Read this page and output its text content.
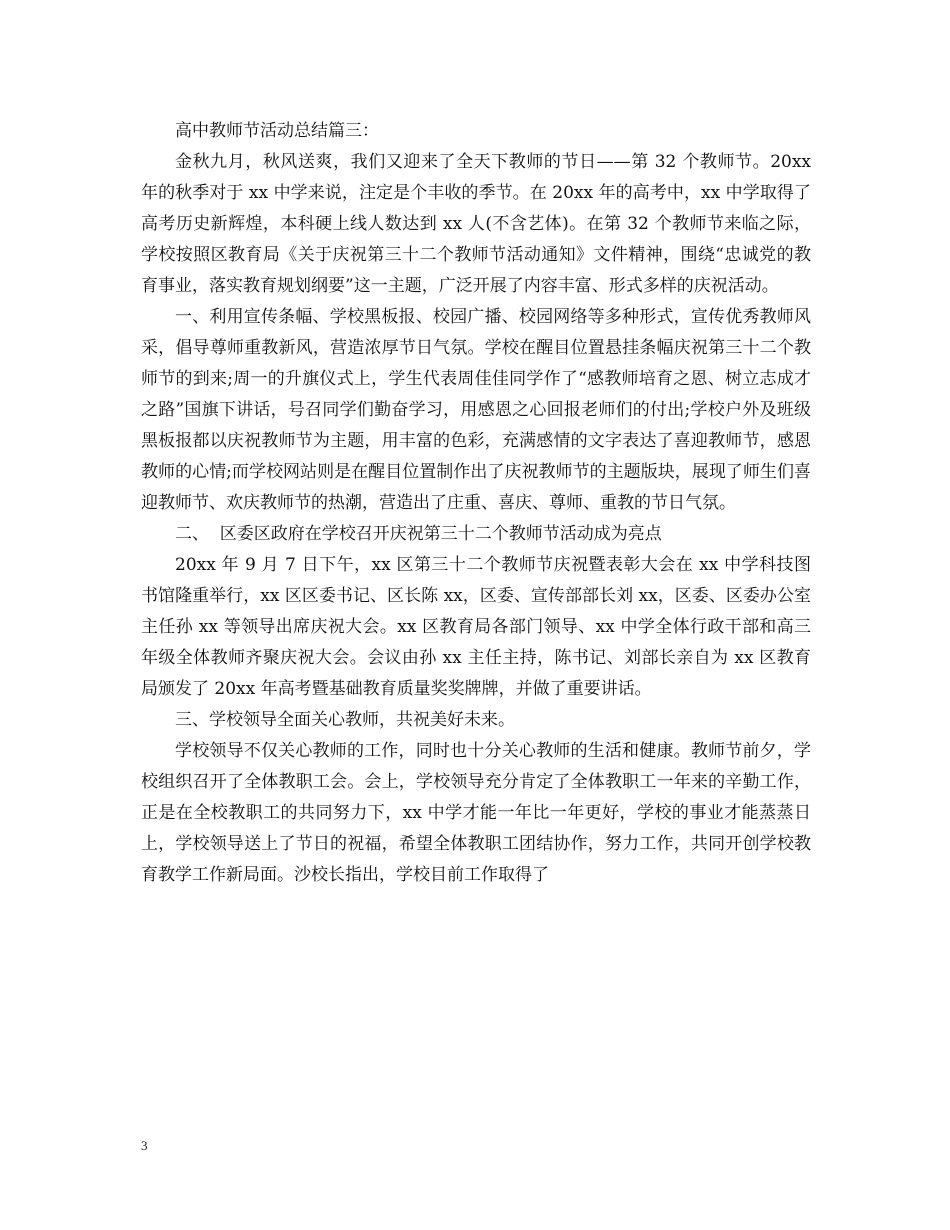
高中教师节活动总结篇三：

金秋九月，秋风送爽，我们又迎来了全天下教师的节日——第 32 个教师节。20xx 年的秋季对于 xx 中学来说，注定是个丰收的季节。在 20xx 年的高考中，xx 中学取得了高考历史新辉煌，本科硬上线人数达到 xx 人(不含艺体)。在第 32 个教师节来临之际，学校按照区教育局《关于庆祝第三十二个教师节活动通知》文件精神，围绕“忠诚党的教育事业，落实教育规划纲要”这一主题，广泛开展了内容丰富、形式多样的庆祝活动。

一、利用宣传条幅、学校黑板报、校园广播、校园网络等多种形式，宣传优秀教师风采，倡导尊师重教新风，营造浓厚节日气氛。学校在醒目位置悬挂条幅庆祝第三十二个教师节的到来;周一的升旗仪式上，学生代表周佳佳同学作了“感教师培育之恩、树立志成才之路”国旗下讲话，号召同学们勤奋学习，用感恩之心回报老师们的付出;学校户外及班级黑板报都以庆祝教师节为主题，用丰富的色彩，充满感情的文字表达了喜迎教师节，感恩教师的心情;而学校网站则是在醒目位置制作出了庆祝教师节的主题版块，展现了师生们喜迎教师节、欢庆教师节的热潮，营造出了庄重、喜庆、尊师、重教的节日气氛。

二、  区委区政府在学校召开庆祝第三十二个教师节活动成为亮点

20xx 年 9 月 7 日下午，xx 区第三十二个教师节庆祝暨表彰大会在 xx 中学科技图书馆隆重举行，xx 区区委书记、区长陈 xx，区委、宣传部部长刘 xx，区委、区委办公室主任孙 xx 等领导出席庆祝大会。xx 区教育局各部门领导、xx 中学全体行政干部和高三年级全体教师齐聚庆祝大会。会议由孙 xx 主任主持，陈书记、刘部长亲自为 xx 区教育局颁发了 20xx 年高考暨基础教育质量奖奖牌牌，并做了重要讲话。

三、学校领导全面关心教师，共祝美好未来。

学校领导不仅关心教师的工作，同时也十分关心教师的生活和健康。教师节前夕，学校组织召开了全体教职工会。会上，学校领导充分肯定了全体教职工一年来的辛勤工作，正是在全校教职工的共同努力下，xx 中学才能一年比一年更好，学校的事业才能蒸蒸日上，学校领导送上了节日的祝福，希望全体教职工团结协作，努力工作，共同开创学校教育教学工作新局面。沙校长指出，学校目前工作取得了

3
